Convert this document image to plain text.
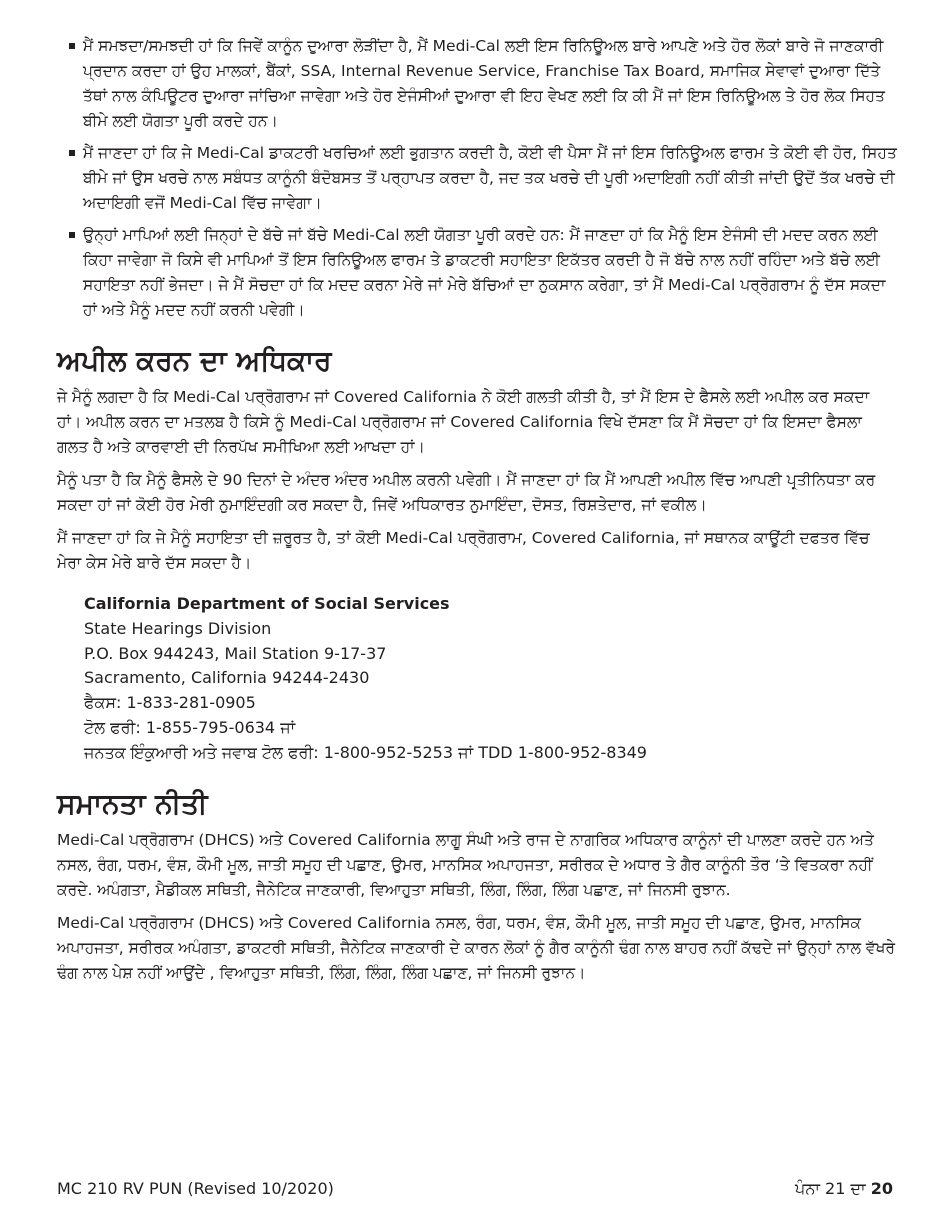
ਮੈਂ ਸਮਝਦਾ/ਸਮਝਦੀ ਹਾਂ ਕਿ ਜਿਵੇਂ ਕਾਨੂੰਨ ਦੁਆਰਾ ਲੋੜੀਂਦਾ ਹੈ, ਮੈਂ Medi-Cal ਲਈ ਇਸ ਰਿਨਿਊਅਲ ਬਾਰੇ ਆਪਣੇ ਅਤੇ ਹੋਰ ਲੋਕਾਂ ਬਾਰੇ ਜੋ ਜਾਣਕਾਰੀ ਪ੍ਰਦਾਨ ਕਰਦਾ ਹਾਂ ਉਹ ਮਾਲਕਾਂ, ਬੈਂਕਾਂ, SSA, Internal Revenue Service, Franchise Tax Board, ਸਮਾਜਿਕ ਸੇਵਾਵਾਂ ਦੁਆਰਾ ਦਿੱਤੇ ਤੱਥਾਂ ਨਾਲ ਕੰਪਿਊਟਰ ਦੁਆਰਾ ਜਾਂਚਿਆ ਜਾਵੇਗਾ ਅਤੇ ਹੋਰ ਏਜੰਸੀਆਂ ਦੁਆਰਾ ਵੀ ਇਹ ਵੇਖਣ ਲਈ ਕਿ ਕੀ ਮੈਂ ਜਾਂ ਇਸ ਰਿਨਿਊਅਲ ਤੇ ਹੋਰ ਲੋਕ ਸਿਹਤ ਬੀਮੇ ਲਈ ਯੋਗਤਾ ਪੂਰੀ ਕਰਦੇ ਹਨ।
ਮੈਂ ਜਾਣਦਾ ਹਾਂ ਕਿ ਜੇ Medi-Cal ਡਾਕਟਰੀ ਖਰਚਿਆਂ ਲਈ ਭੁਗਤਾਨ ਕਰਦੀ ਹੈ, ਕੋਈ ਵੀ ਪੈਸਾ ਮੈਂ ਜਾਂ ਇਸ ਰਿਨਿਊਅਲ ਫਾਰਮ ਤੇ ਕੋਈ ਵੀ ਹੋਰ, ਸਿਹਤ ਬੀਮੇ ਜਾਂ ਉਸ ਖਰਚੇ ਨਾਲ ਸਬੰਧਤ ਕਾਨੂੰਨੀ ਬੰਦੋਬਸਤ ਤੋਂ ਪਰ੍ਹਾਪਤ ਕਰਦਾ ਹੈ, ਜਦ ਤਕ ਖਰਚੇ ਦੀ ਪੂਰੀ ਅਦਾਇਗੀ ਨਹੀਂ ਕੀਤੀ ਜਾਂਦੀ ਉਦੋਂ ਤੱਕ ਖਰਚੇ ਦੀ ਅਦਾਇਗੀ ਵਜੋਂ Medi-Cal ਵਿੱਚ ਜਾਵੇਗਾ।
ਉਨ੍ਹਾਂ ਮਾਪਿਆਂ ਲਈ ਜਿਨ੍ਹਾਂ ਦੇ ਬੱਚੇ ਜਾਂ ਬੱਚੇ Medi-Cal ਲਈ ਯੋਗਤਾ ਪੂਰੀ ਕਰਦੇ ਹਨ: ਮੈਂ ਜਾਣਦਾ ਹਾਂ ਕਿ ਮੈਨੂੰ ਇਸ ਏਜੰਸੀ ਦੀ ਮਦਦ ਕਰਨ ਲਈ ਕਿਹਾ ਜਾਵੇਗਾ ਜੋ ਕਿਸੇ ਵੀ ਮਾਪਿਆਂ ਤੋਂ ਇਸ ਰਿਨਿਊਅਲ ਫਾਰਮ ਤੇ ਡਾਕਟਰੀ ਸਹਾਇਤਾ ਇਕੱਤਰ ਕਰਦੀ ਹੈ ਜੋ ਬੱਚੇ ਨਾਲ ਨਹੀਂ ਰਹਿੰਦਾ ਅਤੇ ਬੱਚੇ ਲਈ ਸਹਾਇਤਾ ਨਹੀਂ ਭੇਜਦਾ। ਜੇ ਮੈਂ ਸੋਚਦਾ ਹਾਂ ਕਿ ਮਦਦ ਕਰਨਾ ਮੇਰੇ ਜਾਂ ਮੇਰੇ ਬੱਚਿਆਂ ਦਾ ਨੁਕਸਾਨ ਕਰੇਗਾ, ਤਾਂ ਮੈਂ Medi-Cal ਪਰ੍ਰੋਗਰਾਮ ਨੂੰ ਦੱਸ ਸਕਦਾ ਹਾਂ ਅਤੇ ਮੈਨੂੰ ਮਦਦ ਨਹੀਂ ਕਰਨੀ ਪਵੇਗੀ।
ਅਪੀਲ ਕਰਨ ਦਾ ਅਧਿਕਾਰ

ਜੇ ਮੈਨੂੰ ਲਗਦਾ ਹੈ ਕਿ Medi-Cal ਪਰ੍ਰੋਗਰਾਮ ਜਾਂ Covered California ਨੇ ਕੋਈ ਗਲਤੀ ਕੀਤੀ ਹੈ, ਤਾਂ ਮੈਂ ਇਸ ਦੇ ਫੈਸਲੇ ਲਈ ਅਪੀਲ ਕਰ ਸਕਦਾ ਹਾਂ। ਅਪੀਲ ਕਰਨ ਦਾ ਮਤਲਬ ਹੈ ਕਿਸੇ ਨੂੰ Medi-Cal ਪਰ੍ਰੋਗਰਾਮ ਜਾਂ Covered California ਵਿਖੇ ਦੱਸਣਾ ਕਿ ਮੈਂ ਸੋਚਦਾ ਹਾਂ ਕਿ ਇਸਦਾ ਫੈਸਲਾ ਗਲਤ ਹੈ ਅਤੇ ਕਾਰਵਾਈ ਦੀ ਨਿਰਪੱਖ ਸਮੀਖਿਆ ਲਈ ਆਖਦਾ ਹਾਂ।

ਮੈਨੂੰ ਪਤਾ ਹੈ ਕਿ ਮੈਨੂੰ ਫੈਸਲੇ ਦੇ 90 ਦਿਨਾਂ ਦੇ ਅੰਦਰ ਅੰਦਰ ਅਪੀਲ ਕਰਨੀ ਪਵੇਗੀ। ਮੈਂ ਜਾਣਦਾ ਹਾਂ ਕਿ ਮੈਂ ਆਪਣੀ ਅਪੀਲ ਵਿੱਚ ਆਪਣੀ ਪਰ੍ਤੀਨਿਧਤਾ ਕਰ ਸਕਦਾ ਹਾਂ ਜਾਂ ਕੋਈ ਹੋਰ ਮੇਰੀ ਨੁਮਾਇੰਦਗੀ ਕਰ ਸਕਦਾ ਹੈ, ਜਿਵੇਂ ਅਧਿਕਾਰਤ ਨੁਮਾਇੰਦਾ, ਦੋਸਤ, ਰਿਸ਼ਤੇਦਾਰ, ਜਾਂ ਵਕੀਲ।

ਮੈਂ ਜਾਣਦਾ ਹਾਂ ਕਿ ਜੇ ਮੈਨੂੰ ਸਹਾਇਤਾ ਦੀ ਜ਼ਰੂਰਤ ਹੈ, ਤਾਂ ਕੋਈ Medi-Cal ਪਰ੍ਰੋਗਰਾਮ, Covered California, ਜਾਂ ਸਥਾਨਕ ਕਾਊਂਟੀ ਦਫਤਰ ਵਿੱਚ ਮੇਰਾ ਕੇਸ ਮੇਰੇ ਬਾਰੇ ਦੱਸ ਸਕਦਾ ਹੈ।

California Department of Social Services
State Hearings Division
P.O. Box 944243, Mail Station 9-17-37
Sacramento, California 94244-2430
ਫੈਕਸ: 1-833-281-0905
ਟੋਲ ਫਰੀ: 1-855-795-0634 ਜਾਂ
ਜਨਤਕ ਇੰਕੁਆਰੀ ਅਤੇ ਜਵਾਬ ਟੋਲ ਫਰੀ: 1-800-952-5253 ਜਾਂ TDD 1-800-952-8349
ਸਮਾਨਤਾ ਨੀਤੀ

Medi-Cal ਪਰ੍ਰੋਗਰਾਮ (DHCS) ਅਤੇ Covered California ਲਾਗੂ ਸੰਘੀ ਅਤੇ ਰਾਜ ਦੇ ਨਾਗਰਿਕ ਅਧਿਕਾਰ ਕਾਨੂੰਨਾਂ ਦੀ ਪਾਲਣਾ ਕਰਦੇ ਹਨ ਅਤੇ ਨਸਲ, ਰੰਗ, ਧਰਮ, ਵੰਸ਼, ਕੌਮੀ ਮੂਲ, ਜਾਤੀ ਸਮੂਹ ਦੀ ਪਛਾਣ, ਉਮਰ, ਮਾਨਸਿਕ ਅਪਾਹਜਤਾ, ਸਰੀਰਕ ਦੇ ਅਧਾਰ ਤੇ ਗੈਰ ਕਾਨੂੰਨੀ ਤੌਰ ‘ਤੇ ਵਿਤਕਰਾ ਨਹੀਂ ਕਰਦੇ. ਅਪੰਗਤਾ, ਮੈਡੀਕਲ ਸਥਿਤੀ, ਜੈਨੇਟਿਕ ਜਾਣਕਾਰੀ, ਵਿਆਹੁਤਾ ਸਥਿਤੀ, ਲਿੰਗ, ਲਿੰਗ, ਲਿੰਗ ਪਛਾਣ, ਜਾਂ ਜਿਨਸੀ ਰੁਝਾਨ.

Medi-Cal ਪਰ੍ਰੋਗਰਾਮ (DHCS) ਅਤੇ Covered California ਨਸਲ, ਰੰਗ, ਧਰਮ, ਵੰਸ਼, ਕੌਮੀ ਮੂਲ, ਜਾਤੀ ਸਮੂਹ ਦੀ ਪਛਾਣ, ਉਮਰ, ਮਾਨਸਿਕ ਅਪਾਹਜਤਾ, ਸਰੀਰਕ ਅਪੰਗਤਾ, ਡਾਕਟਰੀ ਸਥਿਤੀ, ਜੈਨੇਟਿਕ ਜਾਣਕਾਰੀ ਦੇ ਕਾਰਨ ਲੋਕਾਂ ਨੂੰ ਗੈਰ ਕਾਨੂੰਨੀ ਢੰਗ ਨਾਲ ਬਾਹਰ ਨਹੀਂ ਕੱਢਦੇ ਜਾਂ ਉਨ੍ਹਾਂ ਨਾਲ ਵੱਖਰੇ ਢੰਗ ਨਾਲ ਪੇਸ਼ ਨਹੀਂ ਆਉਂਦੇ , ਵਿਆਹੁਤਾ ਸਥਿਤੀ, ਲਿੰਗ, ਲਿੰਗ, ਲਿੰਗ ਪਛਾਣ, ਜਾਂ ਜਿਨਸੀ ਰੁਝਾਨ।

MC 210 RV PUN (Revised 10/2020)	ਪੰਨਾ 21 ਦਾ 20
